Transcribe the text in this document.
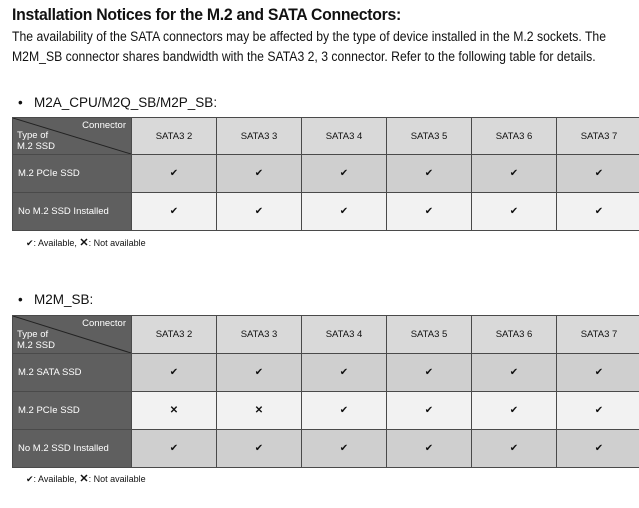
Installation Notices for the M.2 and SATA Connectors:
The availability of the SATA connectors may be affected by the type of device installed in the M.2 sockets. The
M2M_SB connector shares bandwidth with the SATA3 2, 3 connector. Refer to the following table for details.
• M2A_CPU/M2Q_SB/M2P_SB:
Connector
Type of
M.2 SSD	SATA3 2	SATA3 3	SATA3 4	SATA3 5	SATA3 6	SATA3 7
M.2 PCIe SSD	✔	✔	✔	✔	✔	✔
No M.2 SSD Installed	✔	✔	✔	✔	✔	✔
✔: Available, ✕: Not available
• M2M_SB:
Connector
Type of
M.2 SSD	SATA3 2	SATA3 3	SATA3 4	SATA3 5	SATA3 6	SATA3 7
M.2 SATA SSD	✔	✔	✔	✔	✔	✔
M.2 PCIe SSD	✕	✕	✔	✔	✔	✔
No M.2 SSD Installed	✔	✔	✔	✔	✔	✔
✔: Available, ✕: Not available
